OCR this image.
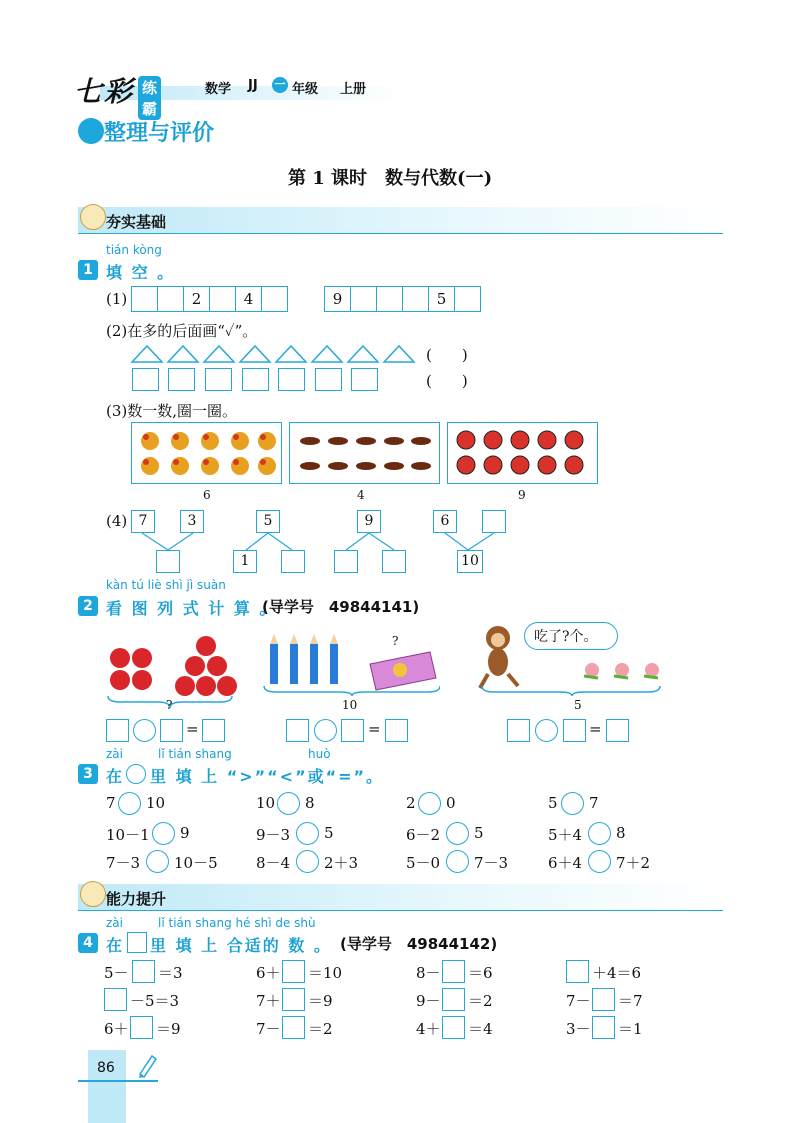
七 彩 练霸
数学 JJ 一 年级 上册
整理与评价
第 1 课时　数与代数(一)
夯实基础
tián kòng
1 填 空 。
(1)	2	4	9	5
(2)在多的后面画“✓”。
(　　)
(　　)
(3)数一数,圈一圈。
6	4	9
(4) 7	3	5
1
9	6
10
kàn tú liè shì jì suàn
2 看 图 列 式 计 算 。
(导学号　49844141)
?
?
10
吃了?个。
5
=	=	=
zài	lǐ tián shang	huò
3 在 里 填 上 “>”“<”或“=”。
7 10	10 8	2 0	5 7
10－1 9	9－3 5	6－2 5	5＋4 8
7－3 10－5	8－4 2＋3	5－0 7－3	6＋4 7＋2
能力提升
zài	lǐ tián shang hé shì de shù
4 在 里 填 上 合适的 数 。 (导学号　49844142)
5－ ＝3	6＋ ＝10	8－ ＝6	＋4＝6
－5＝3	7＋ ＝9	9－ ＝2	7－ ＝7
6＋ ＝9	7－ ＝2	4＋ ＝4	3－ ＝1
86
